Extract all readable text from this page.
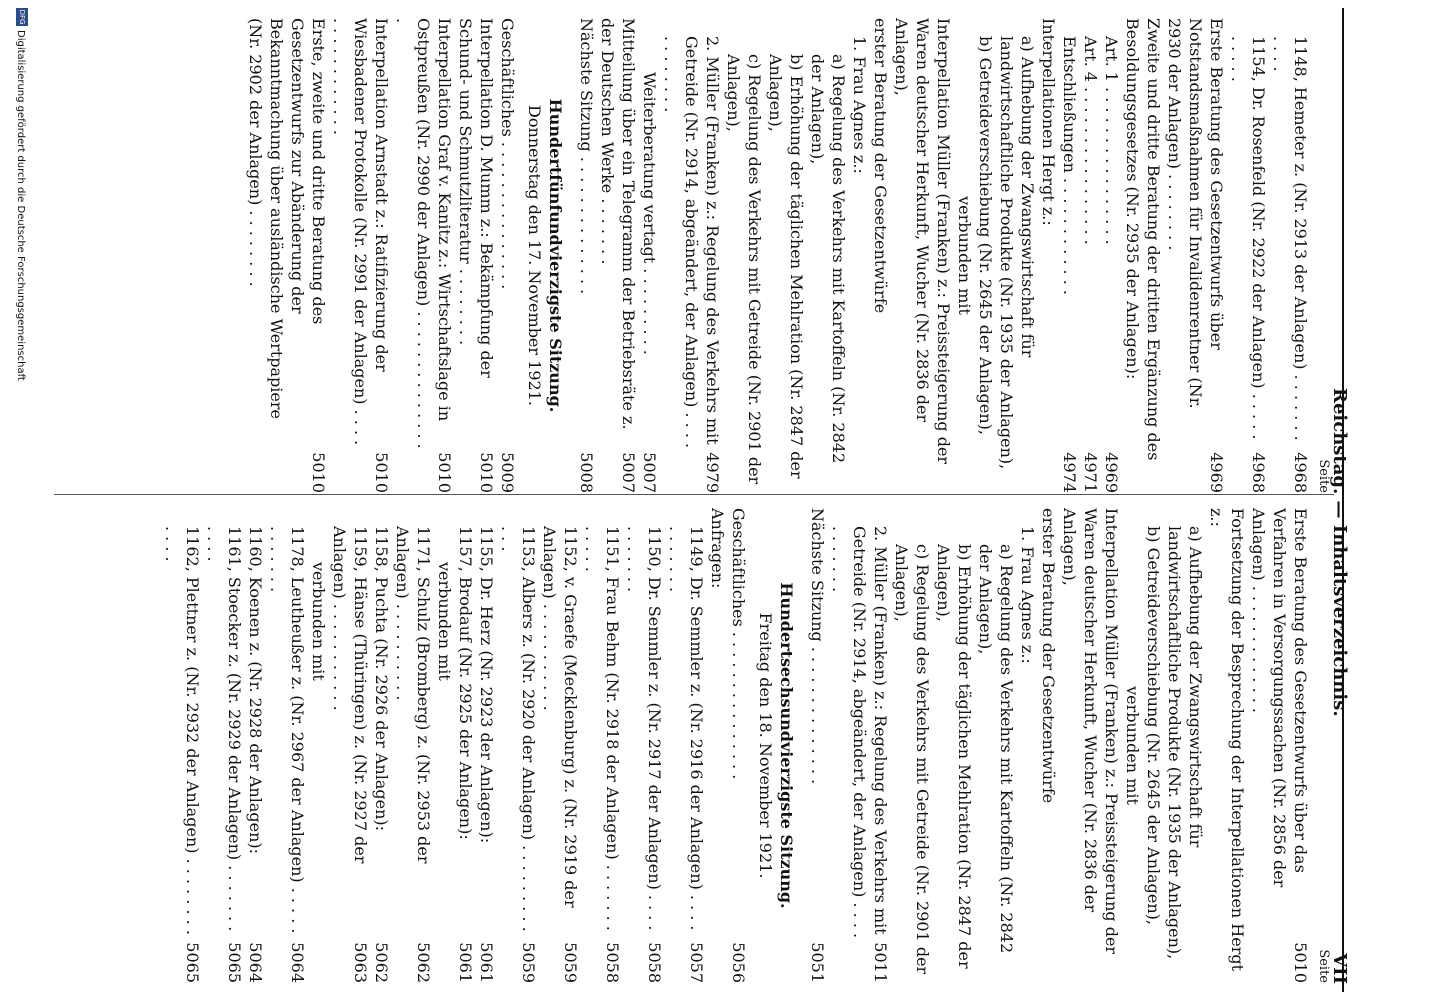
Reichstag. — Inhaltsverzeichnis.
VII
Seite
1148, Hemeter z. (Nr. 2913 der Anlagen) . . . . . . . . . . .
4968
1154, Dr. Rosenfeld (Nr. 2922 der Anlagen) . . . . . . . . . .
4968
Erste Beratung des Gesetzentwurfs über Notstandsmaßnahmen für Invalidenrentner (Nr. 2930 der Anlagen) . . . . . . . .
4969
Zweite und dritte Beratung der dritten Ergänzung des Besoldungsgesetzes (Nr. 2935 der Anlagen):
Art. 1 . . . . . . . . . . . . . . . .
4969
Art. 4 . . . . . . . . . . . . . . . .
4971
Entschließungen . . . . . . . . . . . .
4974
Interpellationen Hergt z.:
a) Aufhebung der Zwangswirtschaft für landwirtschaftliche Produkte (Nr. 1935 der Anlagen),
b) Getreideverschiebung (Nr. 2645 der Anlagen),
verbunden mit
Interpellation Müller (Franken) z.: Preissteigerung der Waren deutscher Herkunft, Wucher (Nr. 2836 der Anlagen),
erster Beratung der Gesetzentwürfe
1. Frau Agnes z.:
a) Regelung des Verkehrs mit Kartoffeln (Nr. 2842 der Anlagen),
b) Erhöhung der täglichen Mehlration (Nr. 2847 der Anlagen),
c) Regelung des Verkehrs mit Getreide (Nr. 2901 der Anlagen),
2. Müller (Franken) z.: Regelung des Verkehrs mit Getreide (Nr. 2914, abgeändert, der Anlagen) . . . . . . . . . . . .
4979
Weiterberatung vertagt . . . . . . . . .
5007
Mitteilung über ein Telegramm der Betriebsräte z. der Deutschen Werke . . . . . . .
5007
Nächste Sitzung . . . . . . . . . . . . . .
5008
Hundertfünfundvierzigste Sitzung.
Donnerstag den 17. November 1921.
Geschäftliches . . . . . . . . . . . . . . .
5009
Interpellation D. Mumm z.: Bekämpfung der Schund- und Schmutzliteratur . . . . . . . .
5010
Interpellation Graf v. Kanitz z.: Wirtschaftslage in Ostpreußen (Nr. 2990 der Anlagen) . . . . . . . . . . . . . . .
5010
Interpellation Arnstadt z.: Ratifizierung der Wiesbadener Protokolle (Nr. 2991 der Anlagen) . . . . . . . . . . . . . . . .
5010
Erste, zweite und dritte Beratung des Gesetzentwurfs zur Abänderung der Bekanntmachung über ausländische Wertpapiere (Nr. 2902 der Anlagen) . . . . . . . .
5010
Seite
Erste Beratung des Gesetzentwurfs über das Verfahren in Versorgungssachen (Nr. 2856 der Anlagen) . . . . . . . . . . . . .
5010
Fortsetzung der Besprechung der Interpellationen Hergt z.:
a) Aufhebung der Zwangswirtschaft für landwirtschaftliche Produkte (Nr. 1935 der Anlagen),
b) Getreideverschiebung (Nr. 2645 der Anlagen),
verbunden mit
Interpellation Müller (Franken) z.: Preissteigerung der Waren deutscher Herkunft, Wucher (Nr. 2836 der Anlagen),
erster Beratung der Gesetzentwürfe
1. Frau Agnes z.:
a) Regelung des Verkehrs mit Kartoffeln (Nr. 2842 der Anlagen),
b) Erhöhung der täglichen Mehlration (Nr. 2847 der Anlagen),
c) Regelung des Verkehrs mit Getreide (Nr. 2901 der Anlagen),
2. Müller (Franken) z.: Regelung des Verkehrs mit Getreide (Nr. 2914, abgeändert, der Anlagen) . . . . . . . . . . .
5011
Nächste Sitzung . . . . . . . . . . . . . .
5051
Hundertsechsundvierzigste Sitzung.
Freitag den 18. November 1921.
Geschäftliches . . . . . . . . . . . . . . .
5056
Anfragen:
1149, Dr. Semmler z. (Nr. 2916 der Anlagen) . . . . . . . . . . .
5057
1150, Dr. Semmler z. (Nr. 2917 der Anlagen) . . . . . . . . . . .
5058
1151, Frau Behm (Nr. 2918 der Anlagen) . . . . . . . . . . . .
5058
1152, v. Graefe (Mecklenburg) z. (Nr. 2919 der Anlagen) . . . . . . . . . . .
5059
1153, Albers z. (Nr. 2920 der Anlagen) . . . . . . . . . . . .
5059
1155, Dr. Herz (Nr. 2923 der Anlagen):
5061
1157, Brodauf (Nr. 2925 der Anlagen):
5061
verbunden mit
1171, Schulz (Bromberg) z. (Nr. 2953 der Anlagen) . . . . . . . . . .
5062
1158, Puchta (Nr. 2926 der Anlagen):
5062
1159, Hänse (Thüringen) z. (Nr. 2927 der Anlagen) . . . . . . . . . . .
5063
verbunden mit
1178, Leutheußer z. (Nr. 2967 der Anlagen) . . . . . . . . . . . .
5064
1160, Koenen z. (Nr. 2928 der Anlagen):
5064
1161, Stoecker z. (Nr. 2929 der Anlagen) . . . . . . . . . . .
5065
1162, Plettner z. (Nr. 2932 der Anlagen) . . . . . . . . . . . .
5065
DFG
Digitalisierung gefördert durch die Deutsche Forschungsgemeinschaft
